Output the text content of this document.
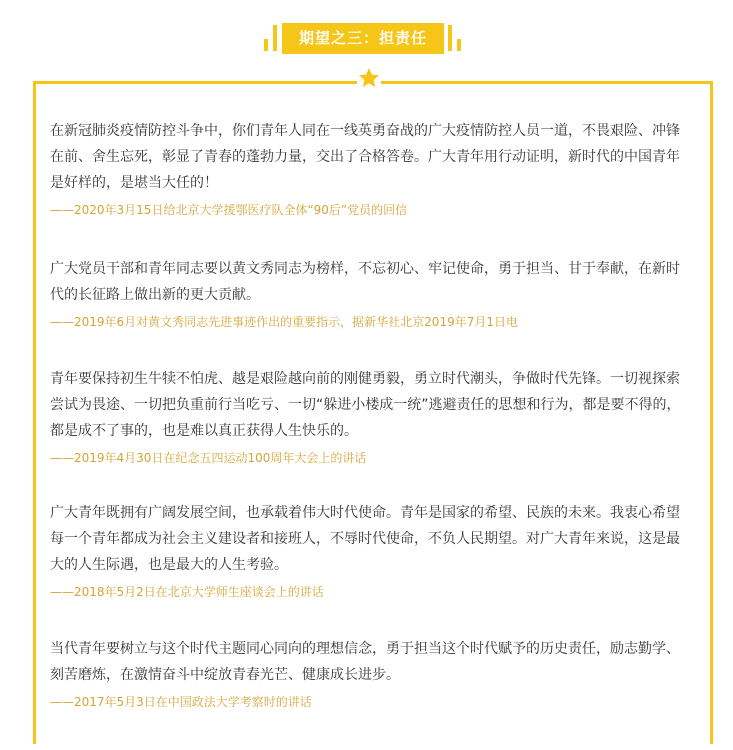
期望之三：担责任

在新冠肺炎疫情防控斗争中，你们青年人同在一线英勇奋战的广大疫情防控人员一道，不畏艰险、冲锋在前、舍生忘死，彰显了青春的蓬勃力量，交出了合格答卷。广大青年用行动证明，新时代的中国青年是好样的，是堪当大任的！

——2020年3月15日给北京大学援鄂医疗队全体“90后”党员的回信

广大党员干部和青年同志要以黄文秀同志为榜样，不忘初心、牢记使命，勇于担当、甘于奉献，在新时代的长征路上做出新的更大贡献。

——2019年6月对黄文秀同志先进事迹作出的重要指示，据新华社北京2019年7月1日电

青年要保持初生牛犊不怕虎、越是艰险越向前的刚健勇毅，勇立时代潮头，争做时代先锋。一切视探索尝试为畏途、一切把负重前行当吃亏、一切“躲进小楼成一统”逃避责任的思想和行为，都是要不得的，都是成不了事的，也是难以真正获得人生快乐的。

——2019年4月30日在纪念五四运动100周年大会上的讲话

广大青年既拥有广阔发展空间，也承载着伟大时代使命。青年是国家的希望、民族的未来。我衷心希望每一个青年都成为社会主义建设者和接班人，不辱时代使命，不负人民期望。对广大青年来说，这是最大的人生际遇，也是最大的人生考验。

——2018年5月2日在北京大学师生座谈会上的讲话

当代青年要树立与这个时代主题同心同向的理想信念，勇于担当这个时代赋予的历史责任，励志勤学、刻苦磨炼，在激情奋斗中绽放青春光芒、健康成长进步。

——2017年5月3日在中国政法大学考察时的讲话
